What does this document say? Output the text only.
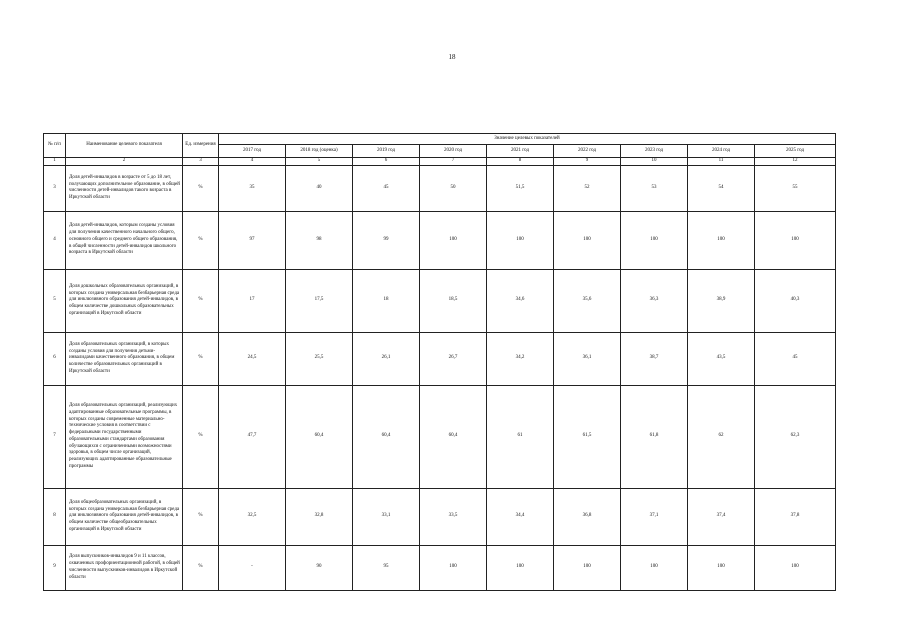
18
№ п/п	Наименование целевого показателя	Ед. измерения	Значение целевых показателей								
			2017 год	2018 год (оценка)	2019 год	2020 год	2021 год	2022 год	2023 год	2024 год	2025 год
1	2	3	4	5	6	7	8	9	10	11	12
3	Доля детей-инвалидов в возрасте от 5 до 18 лет, получающих дополнительное образование, в общей численности детей-инвалидов такого возраста в Иркутской области	%	35	40	45	50	51,5	52	53	54	55
4	Доля детей-инвалидов, которым созданы условия для получения качественного начального общего, основного общего и среднего общего образования, в общей численности детей-инвалидов школьного возраста в Иркутской области	%	97	98	99	100	100	100	100	100	100
5	Доля дошкольных образовательных организаций, в которых создана универсальная безбарьерная среда для инклюзивного образования детей-инвалидов, в общем количестве дошкольных образовательных организаций в Иркутской области	%	17	17,5	18	18,5	34,6	35,6	36,3	38,9	40,3
6	Доля образовательных организаций, в которых созданы условия для получения детьми-инвалидами качественного образования, в общем количестве образовательных организаций в Иркутской области	%	24,5	25,5	26,1	26,7	34,2	36,1	38,7	43,5	45
7	Доля образовательных организаций, реализующих адаптированные образовательные программы, в которых созданы современные материально-технические условия в соответствии с федеральными государственными образовательными стандартами образования обучающихся с ограниченными возможностями здоровья, в общем числе организаций, реализующих адаптированные образовательные программы	%	47,7	60,4	60,4	60,4	61	61,5	61,8	62	62,3
8	Доля общеобразовательных организаций, в которых создана универсальная безбарьерная среда для инклюзивного образования детей-инвалидов, в общем количестве общеобразовательных организаций в Иркутской области	%	32,5	32,8	33,1	33,5	34,4	36,8	37,1	37,4	37,8
9	Доля выпускников-инвалидов 9 и 11 классов, охваченных профориентационной работой, в общей численности выпускников-инвалидов в Иркутской области	%	-	90	95	100	100	100	100	100	100
